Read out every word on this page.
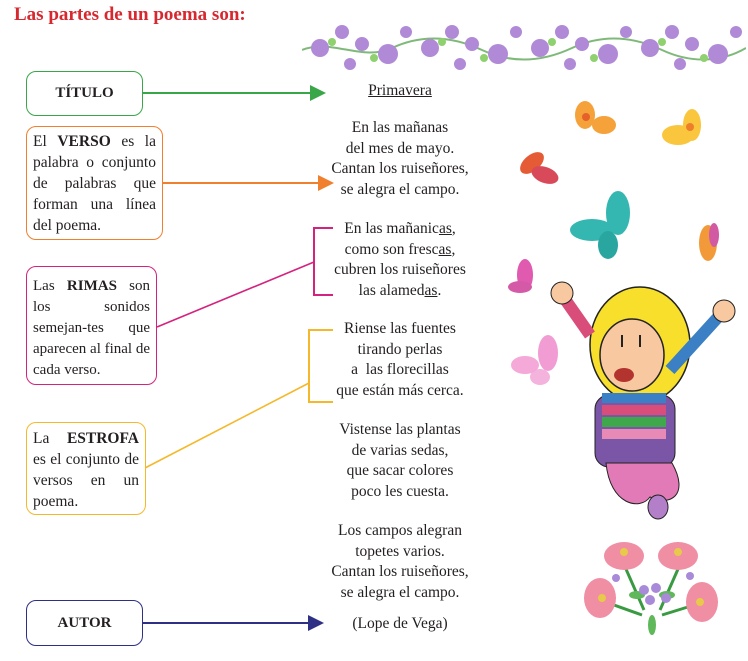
Las partes de un poema son:
TÍTULO
El VERSO es la palabra o conjunto de palabras que forman una línea del poema.
Las RIMAS son los sonidos semejan-tes que aparecen al final de cada verso.
La ESTROFA es el conjunto de versos en un poema.
AUTOR
Primavera
En las mañanas
del mes de mayo.
Cantan los ruiseñores,
se alegra el campo.
En las mañanicas,
como son frescas,
cubren los ruiseñores
las alamedas.
Riense las fuentes
tirando perlas
a  las florecillas
que están más cerca.
Vistense las plantas
de varias sedas,
que sacar colores
poco les cuesta.
Los campos alegran
topetes varios.
Cantan los ruiseñores,
se alegra el campo.
(Lope de Vega)
